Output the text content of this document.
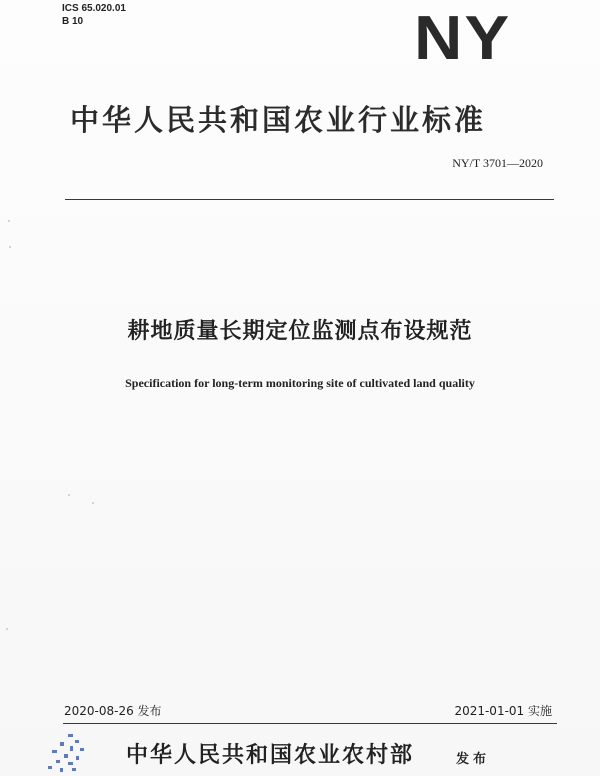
ICS 65.020.01
B 10	NY
中华人民共和国农业行业标准
NY/T 3701—2020
耕地质量长期定位监测点布设规范
Specification for long-term monitoring site of cultivated land quality
2020-08-26 发布	2021-01-01 实施
中华人民共和国农业农村部	发布
